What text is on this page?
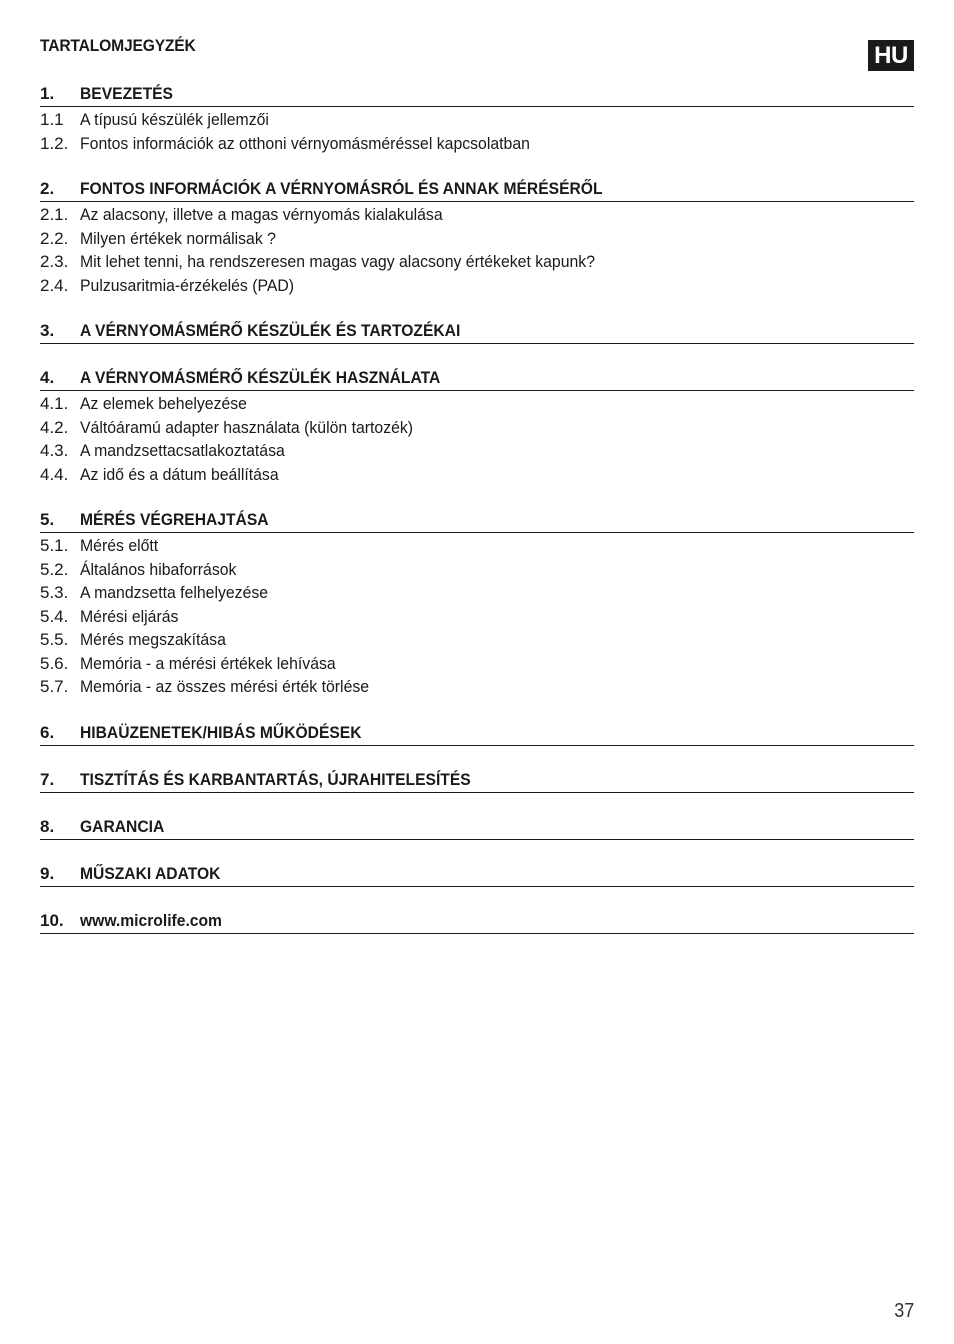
TARTALOMJEGYZÉK	HU
1.	BEVEZETÉS
1.1 A típusú készülék jellemzői
1.2. Fontos információk az otthoni vérnyomásméréssel kapcsolatban
2.	FONTOS INFORMÁCIÓK A VÉRNYOMÁSRÓL ÉS ANNAK MÉRÉSÉRŐL
2.1. Az alacsony, illetve a magas vérnyomás kialakulása
2.2. Milyen értékek normálisak ?
2.3. Mit lehet tenni, ha rendszeresen magas vagy alacsony értékeket kapunk?
2.4. Pulzusaritmia-érzékelés (PAD)
3.	A VÉRNYOMÁSMÉRŐ KÉSZÜLÉK ÉS TARTOZÉKAI
4.	A VÉRNYOMÁSMÉRŐ KÉSZÜLÉK HASZNÁLATA
4.1. Az elemek behelyezése
4.2. Váltóáramú adapter használata (külön tartozék)
4.3. A mandzsettacsatlakoztatása
4.4. Az idő és a dátum beállítása
5.	MÉRÉS VÉGREHAJTÁSA
5.1. Mérés előtt
5.2. Általános hibaforrások
5.3. A mandzsetta felhelyezése
5.4. Mérési eljárás
5.5. Mérés megszakítása
5.6. Memória - a mérési értékek lehívása
5.7. Memória - az összes mérési érték törlése
6.	HIBAÜZENETEK/HIBÁS MŰKÖDÉSEK
7.	TISZTÍTÁS ÉS KARBANTARTÁS, ÚJRAHITELESÍTÉS
8.	GARANCIA
9.	MŰSZAKI ADATOK
10. www.microlife.com
37
